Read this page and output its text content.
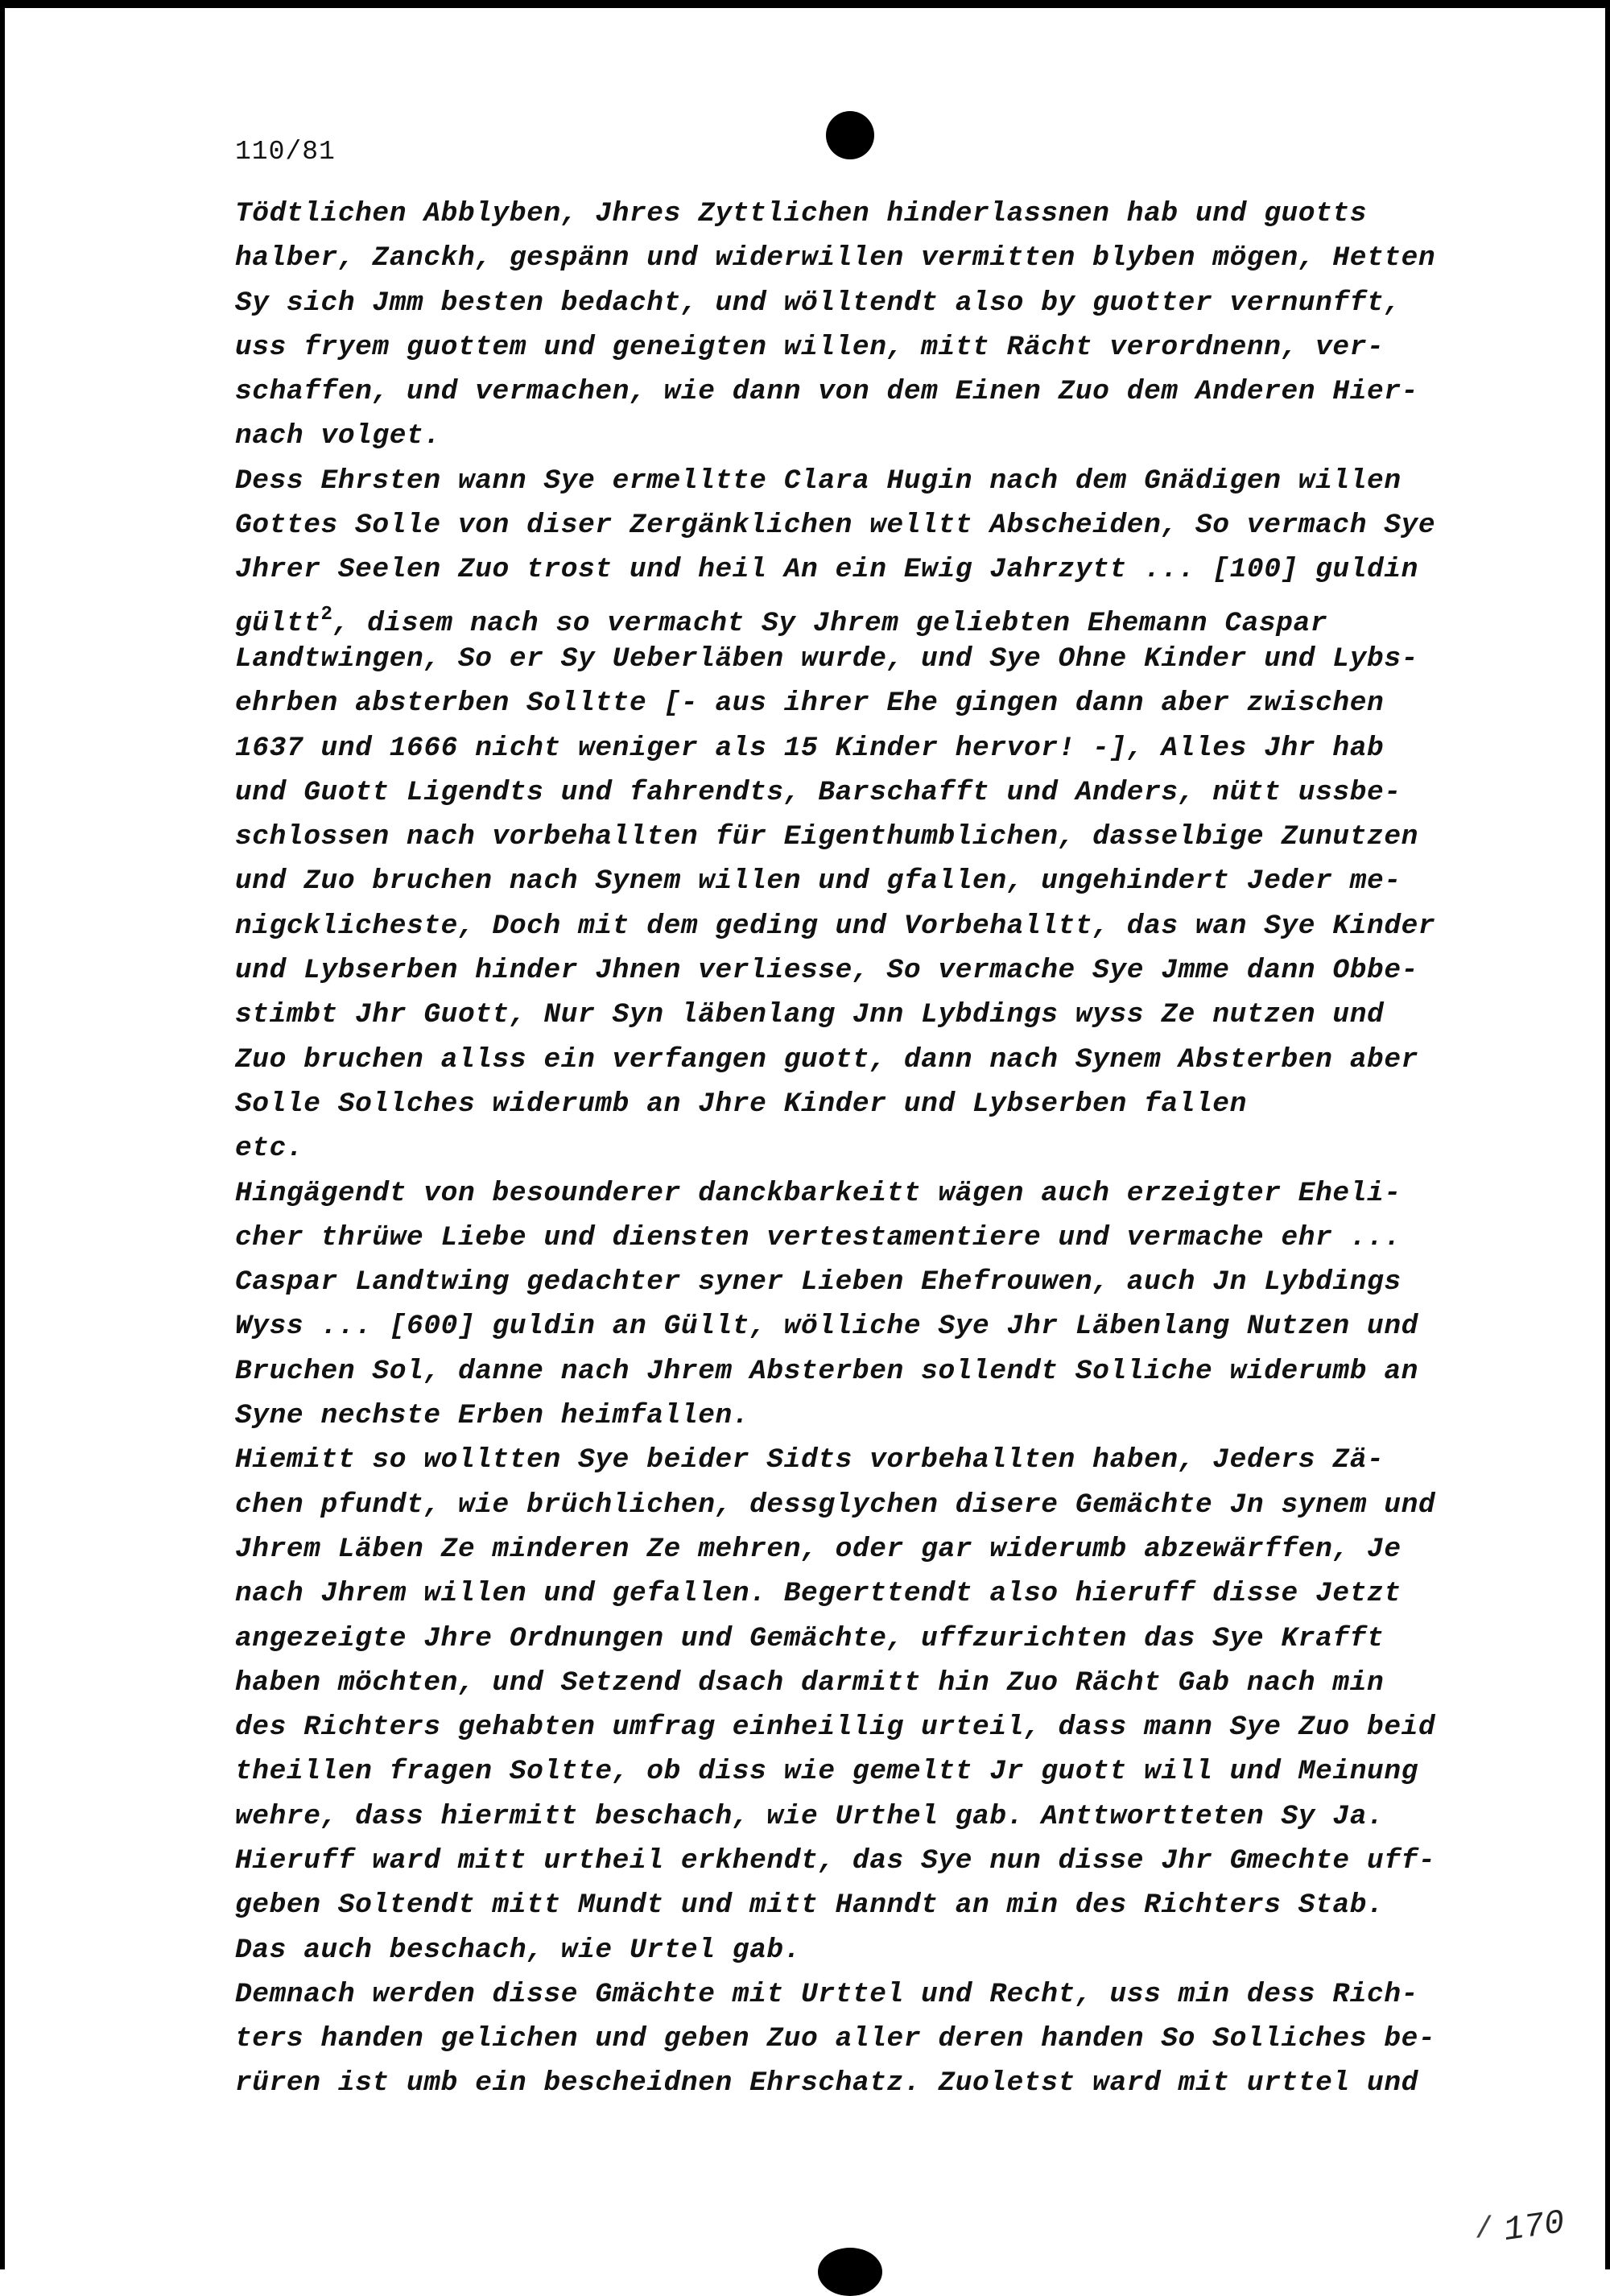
110/81
Tödtlichen Abblyben, Jhres Zyttlichen hinderlassnen hab und guotts
halber, Zanckh, gespänn und widerwillen vermitten blyben mögen, Hetten
Sy sich Jmm besten bedacht, und wölltendt also by guotter vernunfft,
uss fryem guottem und geneigten willen, mitt Rächt verordnenn, ver-
schaffen, und vermachen, wie dann von dem Einen Zuo dem Anderen Hier-
nach volget.
Dess Ehrsten wann Sye ermelltte Clara Hugin nach dem Gnädigen willen
Gottes Solle von diser Zergänklichen welltt Abscheiden, So vermach Sye
Jhrer Seelen Zuo trost und heil An ein Ewig Jahrzytt ... [100] guldin
gültt$^2$, disem nach so vermacht Sy Jhrem geliebten Ehemann Caspar
Landtwingen, So er Sy Ueberläben wurde, und Sye Ohne Kinder und Lybs-
ehrben absterben Solltte [- aus ihrer Ehe gingen dann aber zwischen
1637 und 1666 nicht weniger als 15 Kinder hervor! -], Alles Jhr hab
und Guott Ligendts und fahrendts, Barschafft und Anders, nütt ussbe-
schlossen nach vorbehallten für Eigenthumblichen, dasselbige Zunutzen
und Zuo bruchen nach Synem willen und gfallen, ungehindert Jeder me-
nigcklicheste, Doch mit dem geding und Vorbehalltt, das wan Sye Kinder
und Lybserben hinder Jhnen verliesse, So vermache Sye Jmme dann Obbe-
stimbt Jhr Guott, Nur Syn läbenlang Jnn Lybdings wyss Ze nutzen und
Zuo bruchen allss ein verfangen guott, dann nach Synem Absterben aber
Solle Sollches widerumb an Jhre Kinder und Lybserben fallen
etc.
Hingägendt von besounderer danckbarkeitt wägen auch erzeigter Eheli-
cher thrüwe Liebe und diensten vertestamentiere und vermache ehr ...
Caspar Landtwing gedachter syner Lieben Ehefrouwen, auch Jn Lybdings
Wyss ... [600] guldin an Güllt, wölliche Sye Jhr Läbenlang Nutzen und
Bruchen Sol, danne nach Jhrem Absterben sollendt Solliche widerumb an
Syne nechste Erben heimfallen.
Hiemitt so wolltten Sye beider Sidts vorbehallten haben, Jeders Zä-
chen pfundt, wie brüchlichen, dessglychen disere Gemächte Jn synem und
Jhrem Läben Ze minderen Ze mehren, oder gar widerumb abzewärffen, Je
nach Jhrem willen und gefallen. Begerttendt also hieruff disse Jetzt
angezeigte Jhre Ordnungen und Gemächte, uffzurichten das Sye Krafft
haben möchten, und Setzend dsach darmitt hin Zuo Rächt Gab nach min
des Richters gehabten umfrag einheillig urteil, dass mann Sye Zuo beid
theillen fragen Soltte, ob diss wie gemeltt Jr guott will und Meinung
wehre, dass hiermitt beschach, wie Urthel gab. Anttwortteten Sy Ja.
Hieruff ward mitt urtheil erkhendt, das Sye nun disse Jhr Gmechte uff-
geben Soltendt mitt Mundt und mitt Hanndt an min des Richters Stab.
Das auch beschach, wie Urtel gab.
Demnach werden disse Gmächte mit Urttel und Recht, uss min dess Rich-
ters handen gelichen und geben Zuo aller deren handen So Solliches be-
rüren ist umb ein bescheidnen Ehrschatz. Zuoletst ward mit urttel und
/ 170
